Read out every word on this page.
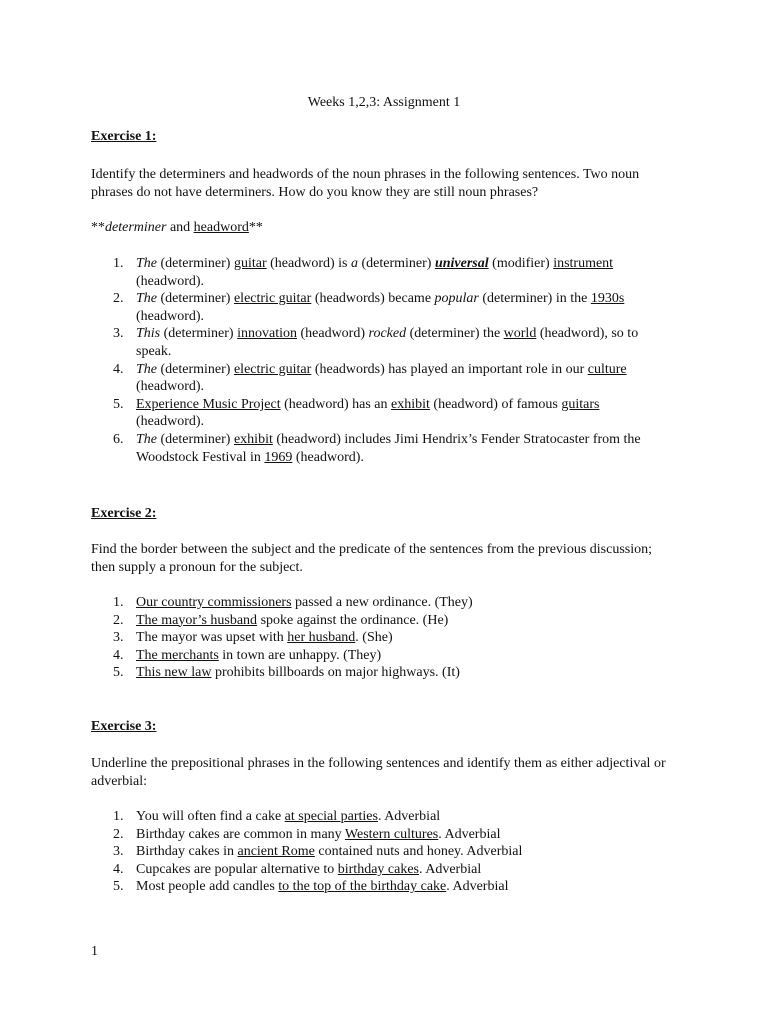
Weeks 1,2,3: Assignment 1
Exercise 1:
Identify the determiners and headwords of the noun phrases in the following sentences. Two noun phrases do not have determiners. How do you know they are still noun phrases?
**determiner and headword**
1. The (determiner) guitar (headword) is a (determiner) universal (modifier) instrument (headword).
2. The (determiner) electric guitar (headwords) became popular (determiner) in the 1930s (headword).
3. This (determiner) innovation (headword) rocked (determiner) the world (headword), so to speak.
4. The (determiner) electric guitar (headwords) has played an important role in our culture (headword).
5. Experience Music Project (headword) has an exhibit (headword) of famous guitars (headword).
6. The (determiner) exhibit (headword) includes Jimi Hendrix’s Fender Stratocaster from the Woodstock Festival in 1969 (headword).
Exercise 2:
Find the border between the subject and the predicate of the sentences from the previous discussion; then supply a pronoun for the subject.
1. Our country commissioners passed a new ordinance. (They)
2. The mayor’s husband spoke against the ordinance. (He)
3. The mayor was upset with her husband. (She)
4. The merchants in town are unhappy. (They)
5. This new law prohibits billboards on major highways. (It)
Exercise 3:
Underline the prepositional phrases in the following sentences and identify them as either adjectival or adverbial:
1. You will often find a cake at special parties. Adverbial
2. Birthday cakes are common in many Western cultures. Adverbial
3. Birthday cakes in ancient Rome contained nuts and honey. Adverbial
4. Cupcakes are popular alternative to birthday cakes. Adverbial
5. Most people add candles to the top of the birthday cake. Adverbial
1
